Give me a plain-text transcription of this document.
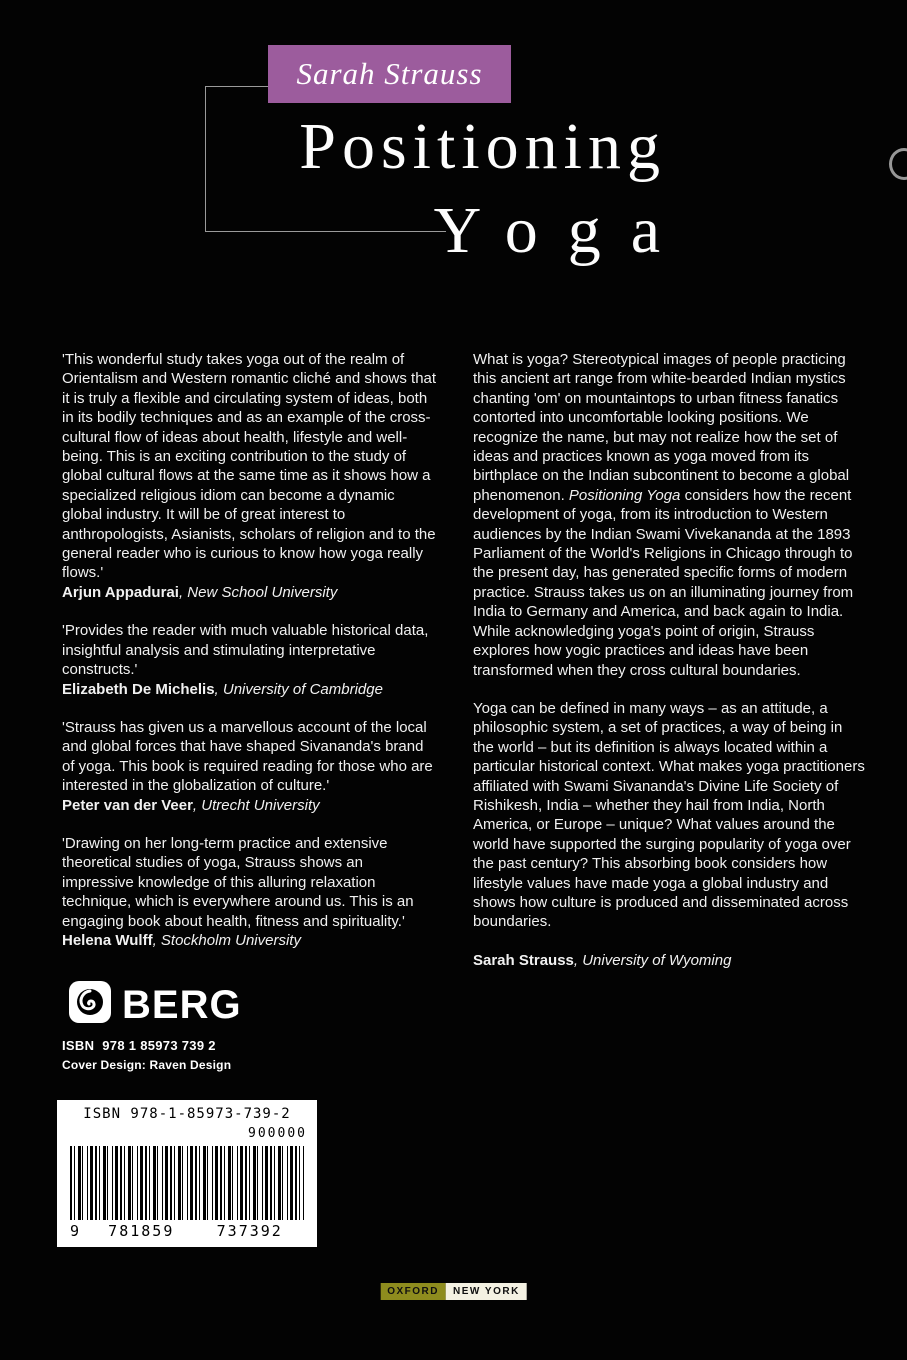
Sarah Strauss
Positioning
Yoga
'This wonderful study takes yoga out of the realm of Orientalism and Western romantic cliché and shows that it is truly a flexible and circulating system of ideas, both in its bodily techniques and as an example of the cross-cultural flow of ideas about health, lifestyle and well-being. This is an exciting contribution to the study of global cultural flows at the same time as it shows how a specialized religious idiom can become a dynamic global industry. It will be of great interest to anthropologists, Asianists, scholars of religion and to the general reader who is curious to know how yoga really flows.'
Arjun Appadurai, New School University
'Provides the reader with much valuable historical data, insightful analysis and stimulating interpretative constructs.'
Elizabeth De Michelis, University of Cambridge
'Strauss has given us a marvellous account of the local and global forces that have shaped Sivananda's brand of yoga. This book is required reading for those who are interested in the globalization of culture.'
Peter van der Veer, Utrecht University
'Drawing on her long-term practice and extensive theoretical studies of yoga, Strauss shows an impressive knowledge of this alluring relaxation technique, which is everywhere around us. This is an engaging book about health, fitness and spirituality.'
Helena Wulff, Stockholm University
What is yoga? Stereotypical images of people practicing this ancient art range from white-bearded Indian mystics chanting 'om' on mountaintops to urban fitness fanatics contorted into uncomfortable looking positions. We recognize the name, but may not realize how the set of ideas and practices known as yoga moved from its birthplace on the Indian subcontinent to become a global phenomenon. Positioning Yoga considers how the recent development of yoga, from its introduction to Western audiences by the Indian Swami Vivekananda at the 1893 Parliament of the World's Religions in Chicago through to the present day, has generated specific forms of modern practice. Strauss takes us on an illuminating journey from India to Germany and America, and back again to India. While acknowledging yoga's point of origin, Strauss explores how yogic practices and ideas have been transformed when they cross cultural boundaries.
Yoga can be defined in many ways – as an attitude, a philosophic system, a set of practices, a way of being in the world – but its definition is always located within a particular historical context. What makes yoga practitioners affiliated with Swami Sivananda's Divine Life Society of Rishikesh, India – whether they hail from India, North America, or Europe – unique? What values around the world have supported the surging popularity of yoga over the past century? This absorbing book considers how lifestyle values have made yoga a global industry and shows how culture is produced and disseminated across boundaries.
Sarah Strauss, University of Wyoming
BERG
ISBN 978 1 85973 739 2
Cover Design: Raven Design
ISBN 978-1-85973-739-2
900000
9	781859	737392
OXFORD	NEW YORK
